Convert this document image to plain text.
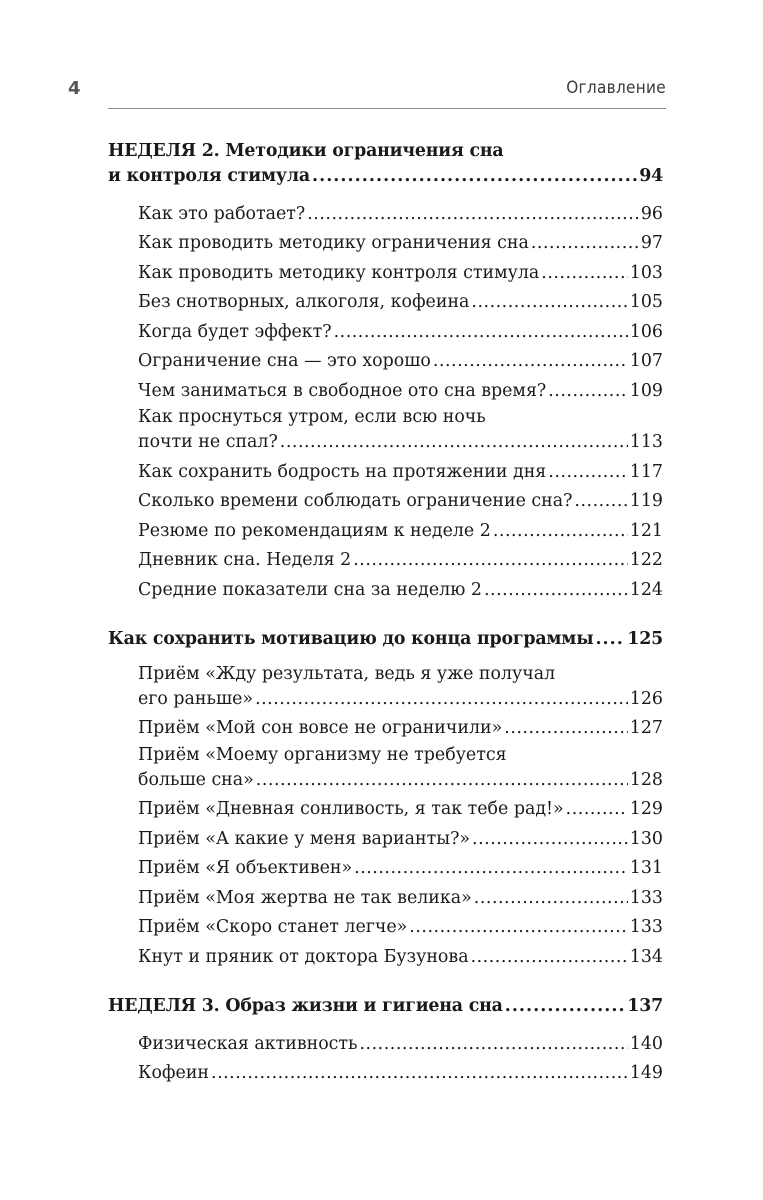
4	Оглавление
НЕДЕЛЯ 2. Методики ограничения сна
и контроля стимула . . .	94
Как это работает? . . .	96
Как проводить методику ограничения сна . . .	97
Как проводить методику контроля стимула . . .	103
Без снотворных, алкоголя, кофеина . . .	105
Когда будет эффект? . . .	106
Ограничение сна — это хорошо . . .	107
Чем заниматься в свободное ото сна время? . . .	109
Как проснуться утром, если всю ночь
почти не спал? . . .	113
Как сохранить бодрость на протяжении дня . . .	117
Сколько времени соблюдать ограничение сна? . . .	119
Резюме по рекомендациям к неделе 2 . . .	121
Дневник сна. Неделя 2 . . .	122
Средние показатели сна за неделю 2 . . .	124
Как сохранить мотивацию до конца программы . . . 125
Приём «Жду результата, ведь я уже получал
его раньше» . . .	126
Приём «Мой сон вовсе не ограничили» . . .	127
Приём «Моему организму не требуется
больше сна» . . .	128
Приём «Дневная сонливость, я так тебе рад!» . . .	129
Приём «А какие у меня варианты?» . . .	130
Приём «Я объективен» . . .	131
Приём «Моя жертва не так велика» . . .	133
Приём «Скоро станет легче» . . .	133
Кнут и пряник от доктора Бузунова . . .	134
НЕДЕЛЯ 3. Образ жизни и гигиена сна . . .	137
Физическая активность . . .	140
Кофеин . . .	149
